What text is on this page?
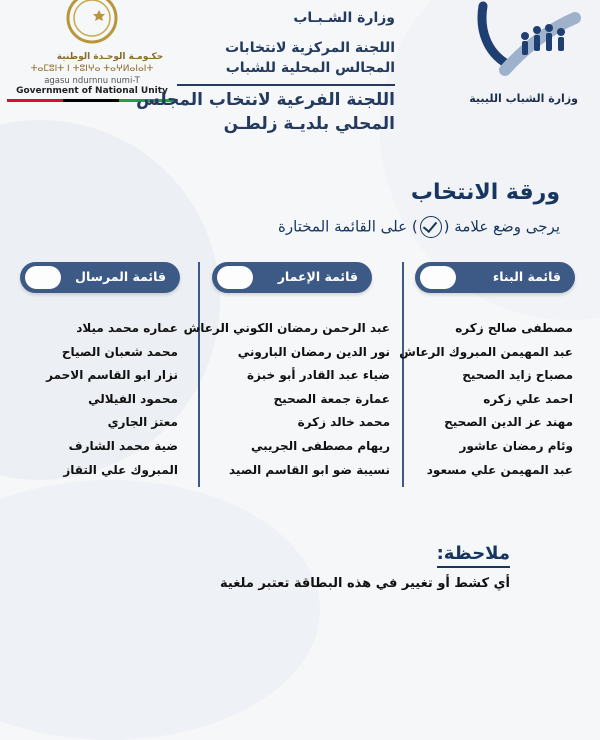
وزارة الشباب الليبية
حكـومـة الوحـدة الوطنية
ⵜⴰⵎⵓⵏⵜ ⵏ ⵜⵓⵏⵖⴰ ⵜⴰⵖⵍⴰⵏⴰⵏⵜ
agasu ndurnnu numi-T
Government of National Unity
وزارة الشـبـاب
اللجنة المركزية لانتخابات
المجالس المحلية للشباب
اللجنة الفرعية لانتخاب المجلس
المحلي بلديـة زلطـن
ورقة الانتخاب
يرجى وضع علامة () على القائمة المختارة
قائمة البناء
مصطفى صالح زكره
عبد المهيمن المبروك الرعاش
مصباح زايد الصحيح
احمد علي زكره
مهند عز الدين الصحيح
وئام رمضان عاشور
عبد المهيمن علي مسعود
قائمة الإعمار
عبد الرحمن رمضان الكوني الرعاش
نور الدين رمضان الباروني
ضياء عبد القادر أبو خبزة
عمارة جمعة الصحيح
محمد خالد زكرة
ريهام مصطفى الجريبي
نسيبة ضو ابو القاسم الصيد
قائمة المرسال
عماره محمد ميلاد
محمد شعبان الصياح
نزار ابو القاسم الاحمر
محمود الفيلالي
معتز الجاري
ضية محمد الشارف
المبروك علي التقاز
ملاحظة:
أي كشط أو تغيير في هذه البطاقة تعتبر ملغية
